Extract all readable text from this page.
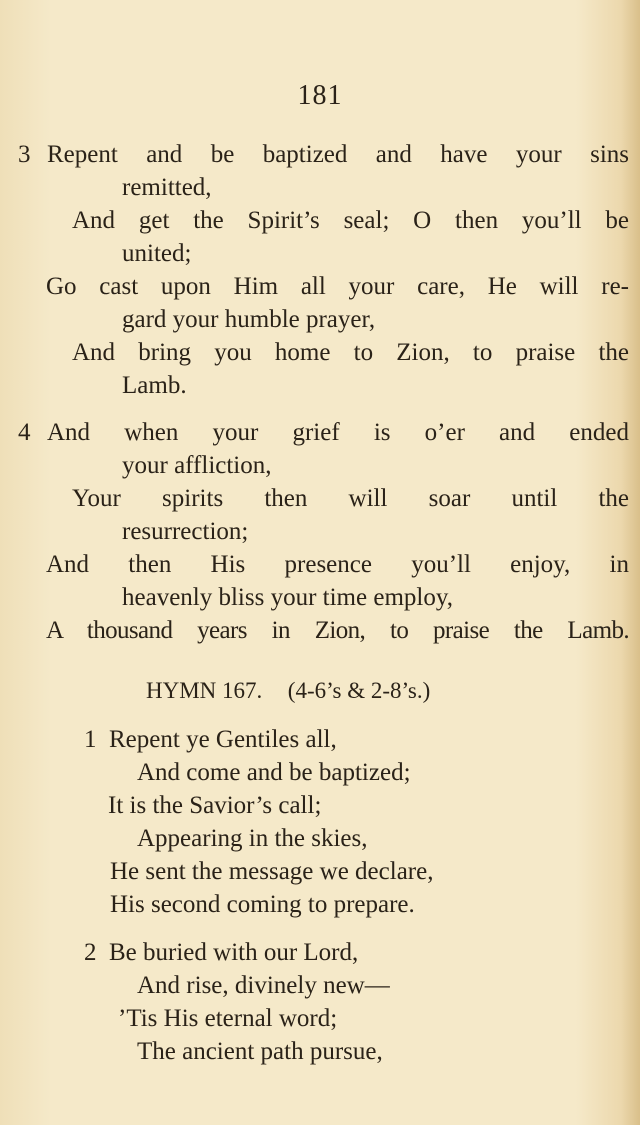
181
3 Repent and be baptized and have your sins
remitted,
And get the Spirit’s seal; O then you’ll be
united;
Go cast upon Him all your care, He will re-
gard your humble prayer,
And bring you home to Zion, to praise the
Lamb.
4 And when your grief is o’er and ended
your affliction,
Your spirits then will soar until the
resurrection;
And then His presence you’ll enjoy, in
heavenly bliss your time employ,
A thousand years in Zion, to praise the Lamb.
HYMN 167. (4-6’s & 2-8’s.)
1 Repent ye Gentiles all,
And come and be baptized;
It is the Savior’s call;
Appearing in the skies,
He sent the message we declare,
His second coming to prepare.
2 Be buried with our Lord,
And rise, divinely new—
’Tis His eternal word;
The ancient path pursue,
